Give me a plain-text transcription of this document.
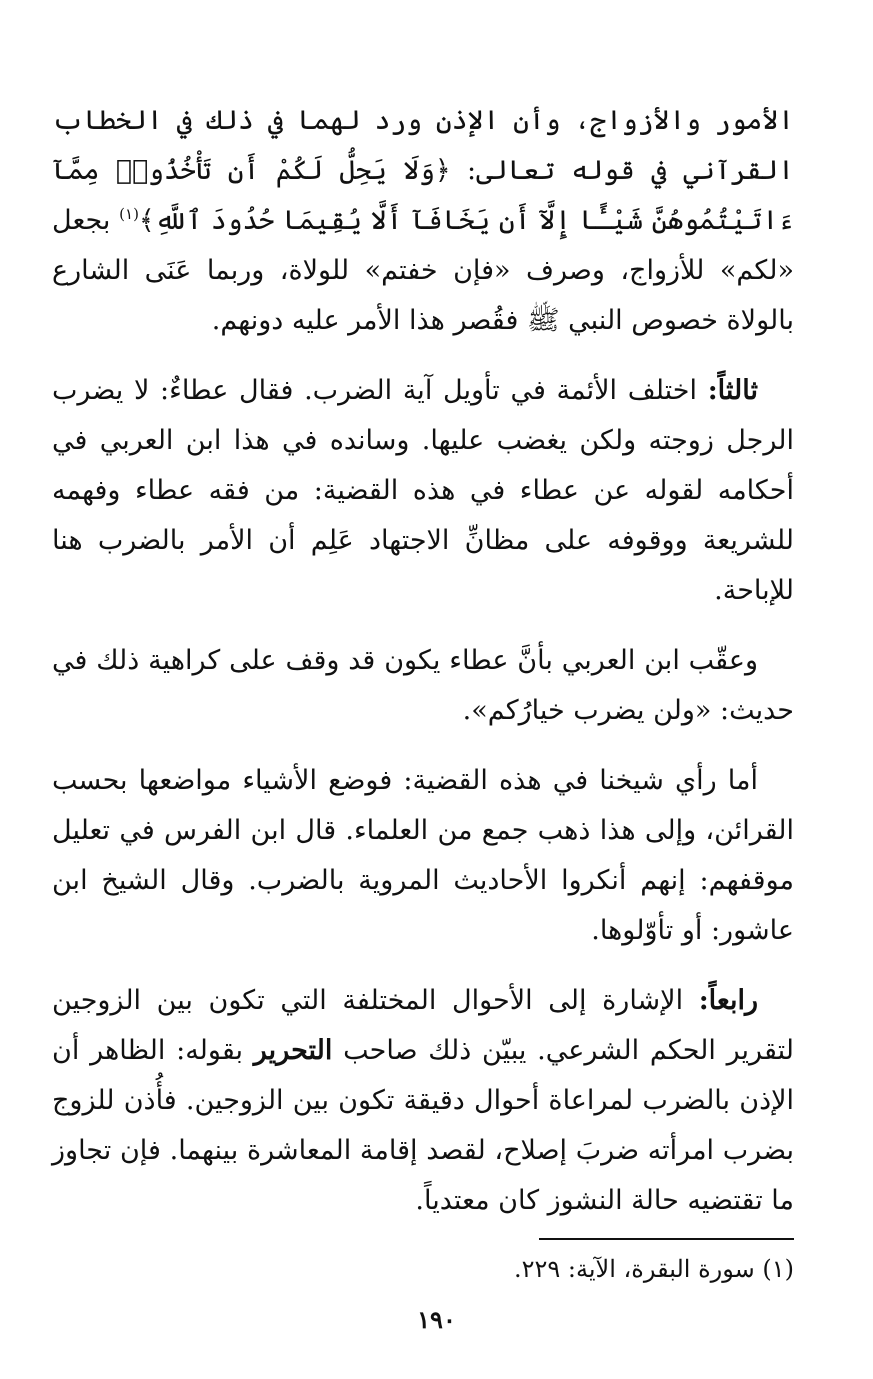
الأمور والأزواج، وأن الإذن ورد لهما في ذلك في الخطاب القرآني في قوله تعالى: ﴿وَلَا يَحِلُّ لَكُمْ أَن تَأْخُذُوا۟ مِمَّآ ءَاتَيْتُمُوهُنَّ شَيْـًٔا إِلَّآ أَن يَخَافَآ أَلَّا يُقِيمَا حُدُودَ ٱللَّهِ﴾$^{(١)}$ بجعل «لكم» للأزواج، وصرف «فإن خفتم» للولاة، وربما عَنَى الشارع بالولاة خصوص النبي ﷺ فقُصر هذا الأمر عليه دونهم.

ثالثاً: اختلف الأئمة في تأويل آية الضرب. فقال عطاءٌ: لا يضرب الرجل زوجته ولكن يغضب عليها. وسانده في هذا ابن العربي في أحكامه لقوله عن عطاء في هذه القضية: من فقه عطاء وفهمه للشريعة ووقوفه على مظانِّ الاجتهاد عَلِم أن الأمر بالضرب هنا للإباحة.

وعقّب ابن العربي بأنَّ عطاء يكون قد وقف على كراهية ذلك في حديث: «ولن يضرب خيارُكم».

أما رأي شيخنا في هذه القضية: فوضع الأشياء مواضعها بحسب القرائن، وإلى هذا ذهب جمع من العلماء. قال ابن الفرس في تعليل موقفهم: إنهم أنكروا الأحاديث المروية بالضرب. وقال الشيخ ابن عاشور: أو تأوّلوها.

رابعاً: الإشارة إلى الأحوال المختلفة التي تكون بين الزوجين لتقرير الحكم الشرعي. يبيّن ذلك صاحب التحرير بقوله: الظاهر أن الإذن بالضرب لمراعاة أحوال دقيقة تكون بين الزوجين. فأُذن للزوج بضرب امرأته ضربَ إصلاح، لقصد إقامة المعاشرة بينهما. فإن تجاوز ما تقتضيه حالة النشوز كان معتدياً.

(١) سورة البقرة، الآية: ٢٢٩.
١٩٠
